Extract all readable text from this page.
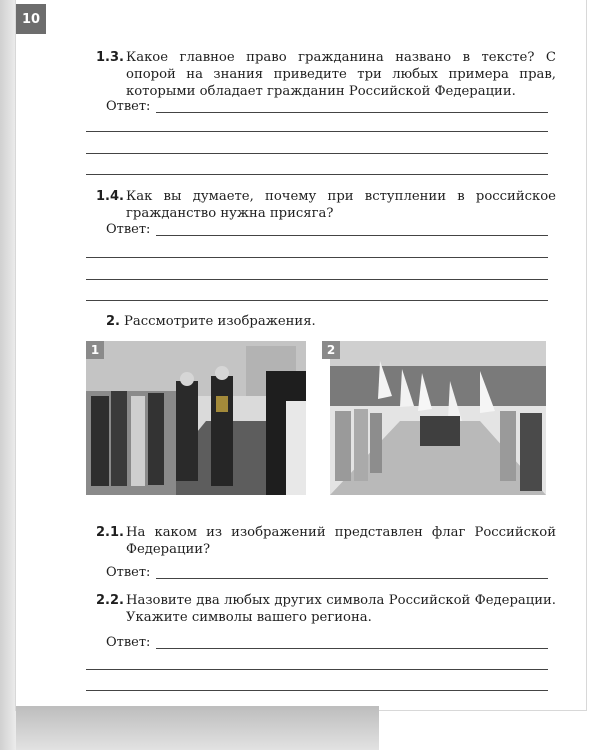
10
1.3. Какое главное право гражданина названо в тексте? С опорой на знания приведите три любых примера прав, которыми обладает гражданин Российской Федерации.
Ответ:
1.4. Как вы думаете, почему при вступлении в российское гражданство нужна присяга?
Ответ:
2. Рассмотрите изображения.
1	2
2.1. На каком из изображений представлен флаг Российской Федерации?
Ответ:
2.2. Назовите два любых других символа Российской Федерации. Укажите символы вашего региона.
Ответ:
